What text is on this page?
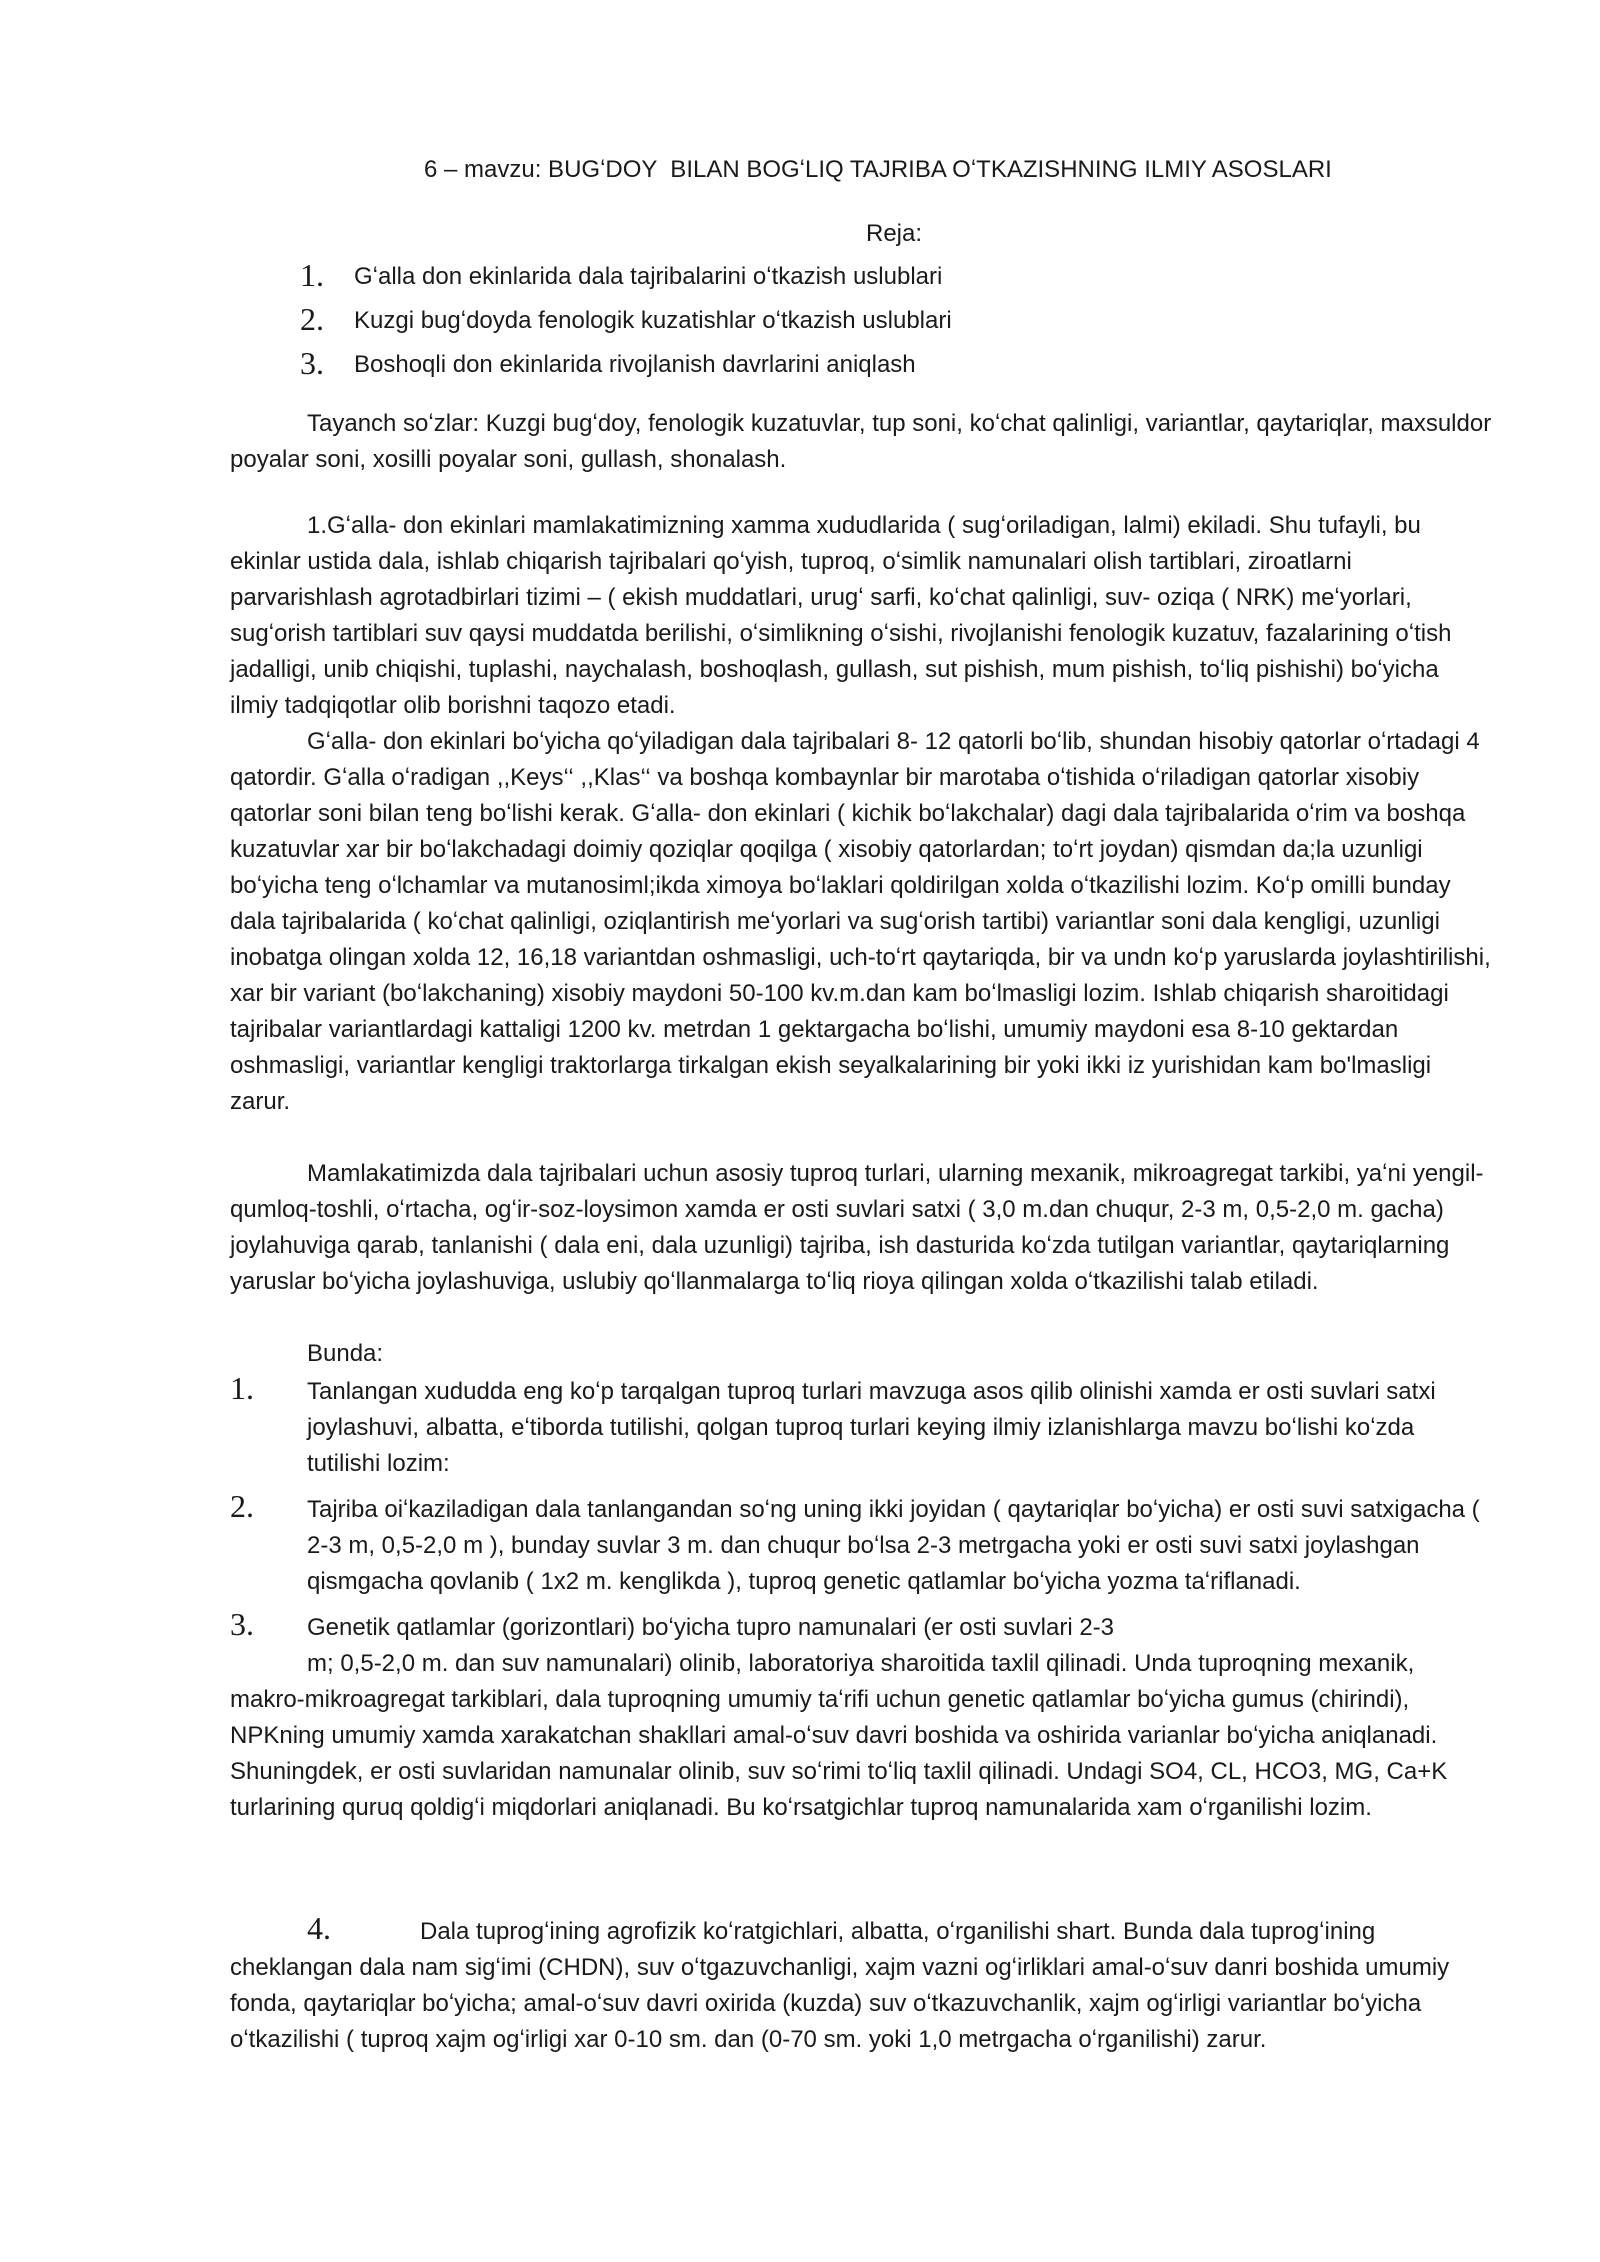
6 – mavzu: BUGʻDOY  BILAN BOGʻLIQ TAJRIBA OʻTKAZISHNING ILMIY ASOSLARI
Reja:
1. Gʻalla don ekinlarida dala tajribalarini oʻtkazish uslublari
2. Kuzgi bugʻdoyda fenologik kuzatishlar oʻtkazish uslublari
3. Boshoqli don ekinlarida rivojlanish davrlarini aniqlash

Tayanch soʻzlar: Kuzgi bugʻdoy, fenologik kuzatuvlar, tup soni, koʻchat qalinligi, variantlar, qaytariqlar, maxsuldor poyalar soni, xosilli poyalar soni, gullash, shonalash.

1.Gʻalla- don ekinlari mamlakatimizning xamma xududlarida ( sugʻoriladigan, lalmi) ekiladi. Shu tufayli, bu ekinlar ustida dala, ishlab chiqarish tajribalari qoʻyish, tuproq, oʻsimlik namunalari olish tartiblari, ziroatlarni parvarishlash agrotadbirlari tizimi – ( ekish muddatlari, urugʻ sarfi, koʻchat qalinligi, suv- oziqa ( NRK) meʻyorlari, sugʻorish tartiblari suv qaysi muddatda berilishi, oʻsimlikning oʻsishi, rivojlanishi fenologik kuzatuv, fazalarining oʻtish jadalligi, unib chiqishi, tuplashi, naychalash, boshoqlash, gullash, sut pishish, mum pishish, toʻliq pishishi) boʻyicha ilmiy tadqiqotlar olib borishni taqozo etadi.

Gʻalla- don ekinlari boʻyicha qoʻyiladigan dala tajribalari 8- 12 qatorli boʻlib, shundan hisobiy qatorlar oʻrtadagi 4 qatordir. Gʻalla oʻradigan ,,Keys‘‘ ,,Klas‘‘ va boshqa kombaynlar bir marotaba oʻtishida oʻriladigan qatorlar xisobiy qatorlar soni bilan teng boʻlishi kerak. Gʻalla- don ekinlari ( kichik boʻlakchalar) dagi dala tajribalarida oʻrim va boshqa kuzatuvlar xar bir boʻlakchadagi doimiy qoziqlar qoqilga ( xisobiy qatorlardan; toʻrt joydan) qismdan da;la uzunligi boʻyicha teng oʻlchamlar va mutanosiml;ikda ximoya boʻlaklari qoldirilgan xolda oʻtkazilishi lozim. Koʻp omilli bunday dala tajribalarida ( koʻchat qalinligi, oziqlantirish meʻyorlari va sugʻorish tartibi) variantlar soni dala kengligi, uzunligi inobatga olingan xolda 12, 16,18 variantdan oshmasligi, uch-toʻrt qaytariqda, bir va undn koʻp yaruslarda joylashtirilishi, xar bir variant (boʻlakchaning) xisobiy maydoni 50-100 kv.m.dan kam boʻlmasligi lozim. Ishlab chiqarish sharoitidagi tajribalar variantlardagi kattaligi 1200 kv. metrdan 1 gektargacha boʻlishi, umumiy maydoni esa 8-10 gektardan oshmasligi, variantlar kengligi traktorlarga tirkalgan ekish seyalkalarining bir yoki ikki iz yurishidan kam bo'lmasligi zarur.

Mamlakatimizda dala tajribalari uchun asosiy tuproq turlari, ularning mexanik, mikroagregat tarkibi, yaʻni yengil-qumloq-toshli, oʻrtacha, ogʻir-soz-loysimon xamda er osti suvlari satxi ( 3,0 m.dan chuqur, 2-3 m, 0,5-2,0 m. gacha) joylahuviga qarab, tanlanishi ( dala eni, dala uzunligi) tajriba, ish dasturida koʻzda tutilgan variantlar, qaytariqlarning yaruslar boʻyicha joylashuviga, uslubiy qoʻllanmalarga toʻliq rioya qilingan xolda oʻtkazilishi talab etiladi.

Bunda:

1. Tanlangan xududda eng koʻp tarqalgan tuproq turlari mavzuga asos qilib olinishi xamda er osti suvlari satxi joylashuvi, albatta, eʻtiborda tutilishi, qolgan tuproq turlari keying ilmiy izlanishlarga mavzu boʻlishi koʻzda tutilishi lozim:
2. Tajriba oiʻkaziladigan dala tanlangandan soʻng uning ikki joyidan ( qaytariqlar boʻyicha) er osti suvi satxigacha ( 2-3 m, 0,5-2,0 m ), bunday suvlar 3 m. dan chuqur boʻlsa 2-3 metrgacha yoki er osti suvi satxi joylashgan qismgacha qovlanib ( 1x2 m. kenglikda ), tuproq genetic qatlamlar boʻyicha yozma taʻriflanadi.
3. Genetik qatlamlar (gorizontlari) boʻyicha tupro namunalari (er osti suvlari 2-3
m; 0,5-2,0 m. dan suv namunalari) olinib, laboratoriya sharoitida taxlil qilinadi. Unda tuproqning mexanik, makro-mikroagregat tarkiblari, dala tuproqning umumiy taʻrifi uchun genetic qatlamlar boʻyicha gumus (chirindi), NPKning umumiy xamda xarakatchan shakllari amal-oʻsuv davri boshida va oshirida varianlar boʻyicha aniqlanadi. Shuningdek, er osti suvlaridan namunalar olinib, suv soʻrimi toʻliq taxlil qilinadi. Undagi SO4, CL, HCO3, MG, Ca+K turlarining quruq qoldigʻi miqdorlari aniqlanadi. Bu koʻrsatgichlar tuproq namunalarida xam oʻrganilishi lozim.

4.	Dala tuprogʻining agrofizik koʻratgichlari, albatta, oʻrganilishi shart. Bunda dala tuprogʻining cheklangan dala nam sigʻimi (CHDN), suv oʻtgazuvchanligi, xajm vazni ogʻirliklari amal-oʻsuv danri boshida umumiy fonda, qaytariqlar boʻyicha; amal-oʻsuv davri oxirida (kuzda) suv oʻtkazuvchanlik, xajm ogʻirligi variantlar boʻyicha oʻtkazilishi ( tuproq xajm ogʻirligi xar 0-10 sm. dan (0-70 sm. yoki 1,0 metrgacha oʻrganilishi) zarur.
